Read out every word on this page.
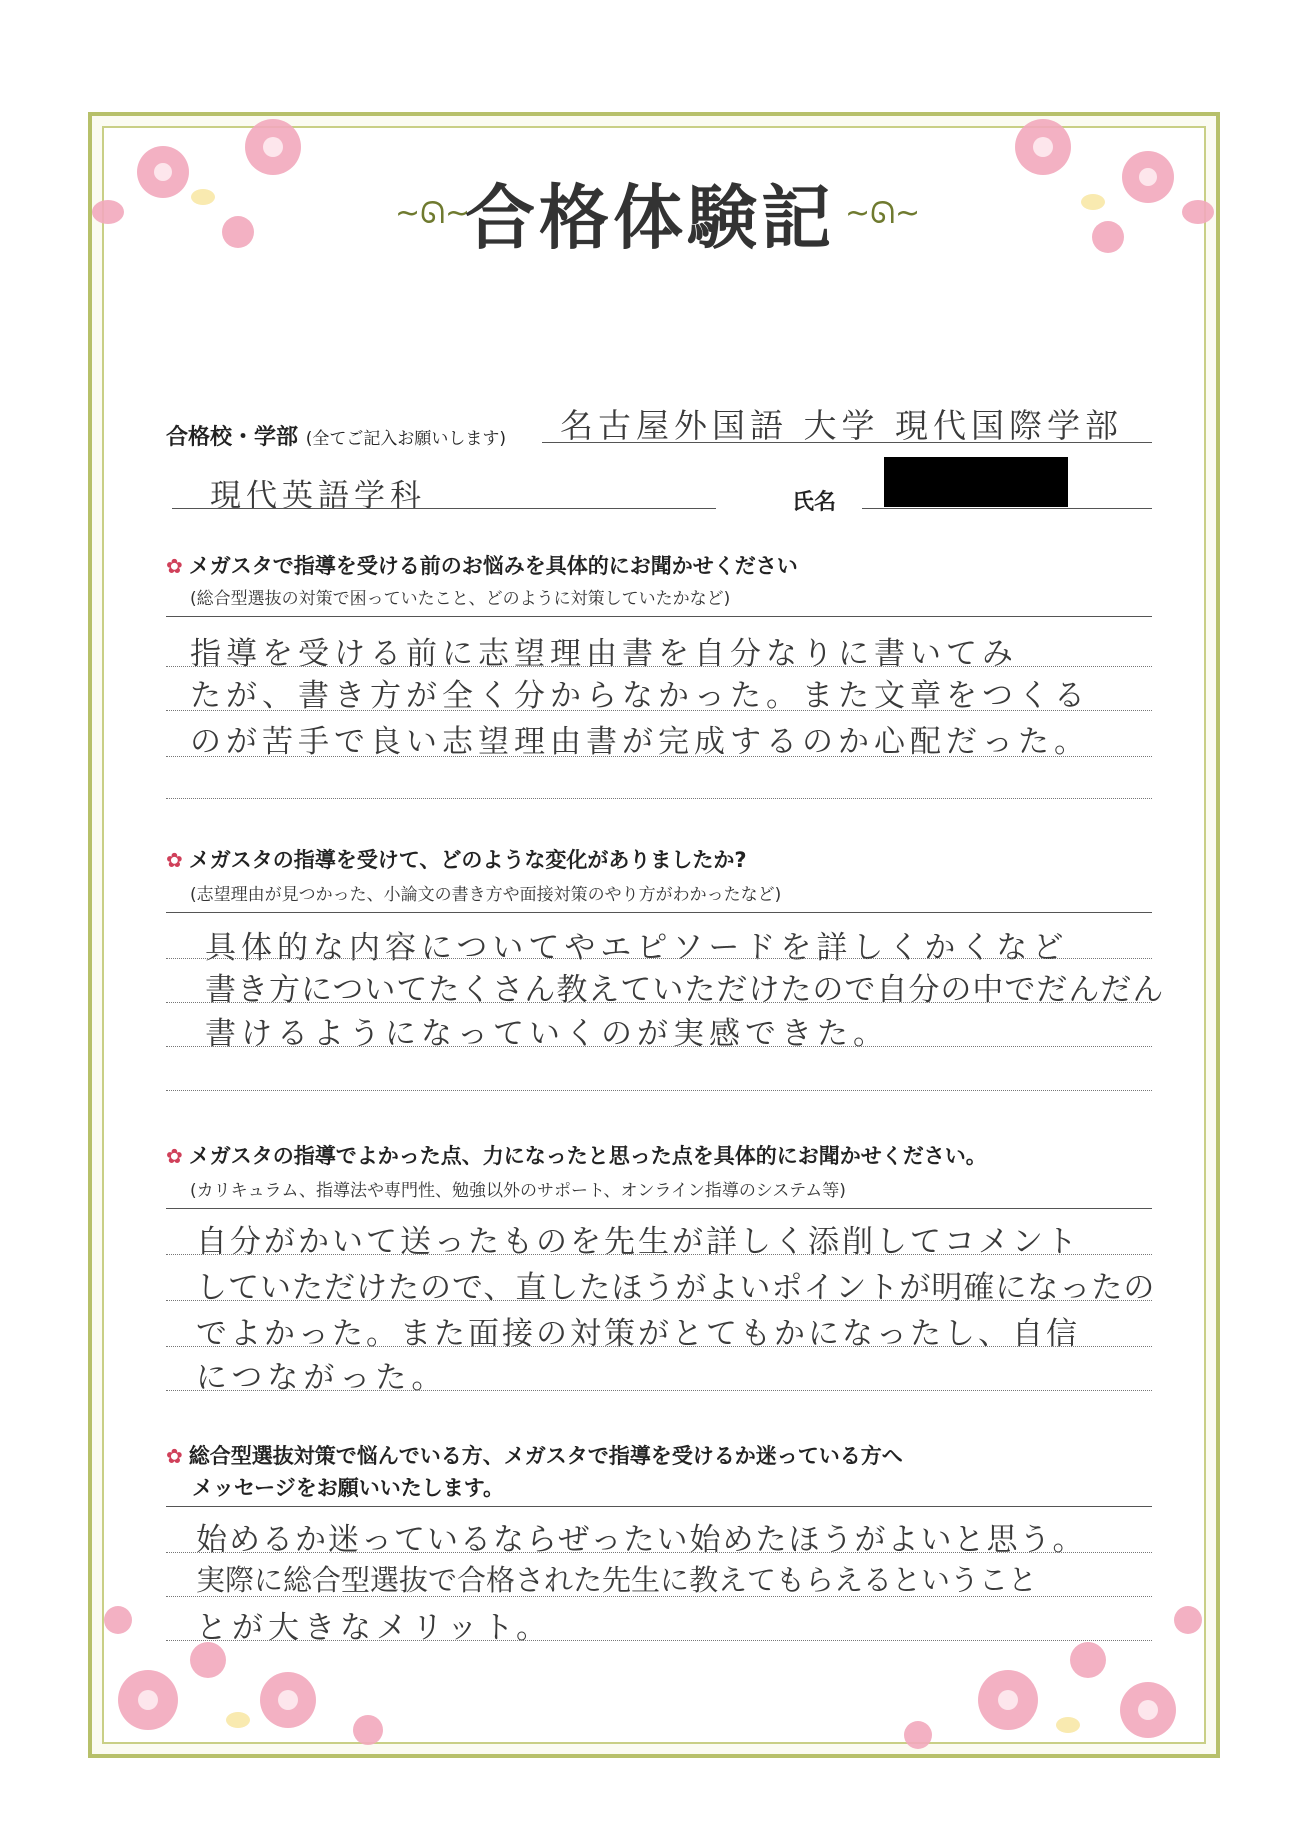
~ᘏ~
合格体験記 ~ᘏ~
合格校・学部 (全てご記入お願いします) 名古屋外国語 大学 現代国際学部
現代英語学科	氏名
✿ メガスタで指導を受ける前のお悩みを具体的にお聞かせください
(総合型選抜の対策で困っていたこと、どのように対策していたかなど)
指導を受ける前に志望理由書を自分なりに書いてみ
たが、書き方が全く分からなかった。また文章をつくる
のが苦手で良い志望理由書が完成するのか心配だった。
✿ メガスタの指導を受けて、どのような変化がありましたか?
(志望理由が見つかった、小論文の書き方や面接対策のやり方がわかったなど)
具体的な内容についてやエピソードを詳しくかくなど
書き方についてたくさん教えていただけたので自分の中でだんだん
書けるようになっていくのが実感できた。
✿ メガスタの指導でよかった点、力になったと思った点を具体的にお聞かせください。
(カリキュラム、指導法や専門性、勉強以外のサポート、オンライン指導のシステム等)
自分がかいて送ったものを先生が詳しく添削してコメント
していただけたので、直したほうがよいポイントが明確になったの
でよかった。また面接の対策がとてもかになったし、自信
につながった。
✿ 総合型選抜対策で悩んでいる方、メガスタで指導を受けるか迷っている方へ
メッセージをお願いいたします。
始めるか迷っているならぜったい始めたほうがよいと思う。
実際に総合型選抜で合格された先生に教えてもらえるということ
とが大きなメリット。
